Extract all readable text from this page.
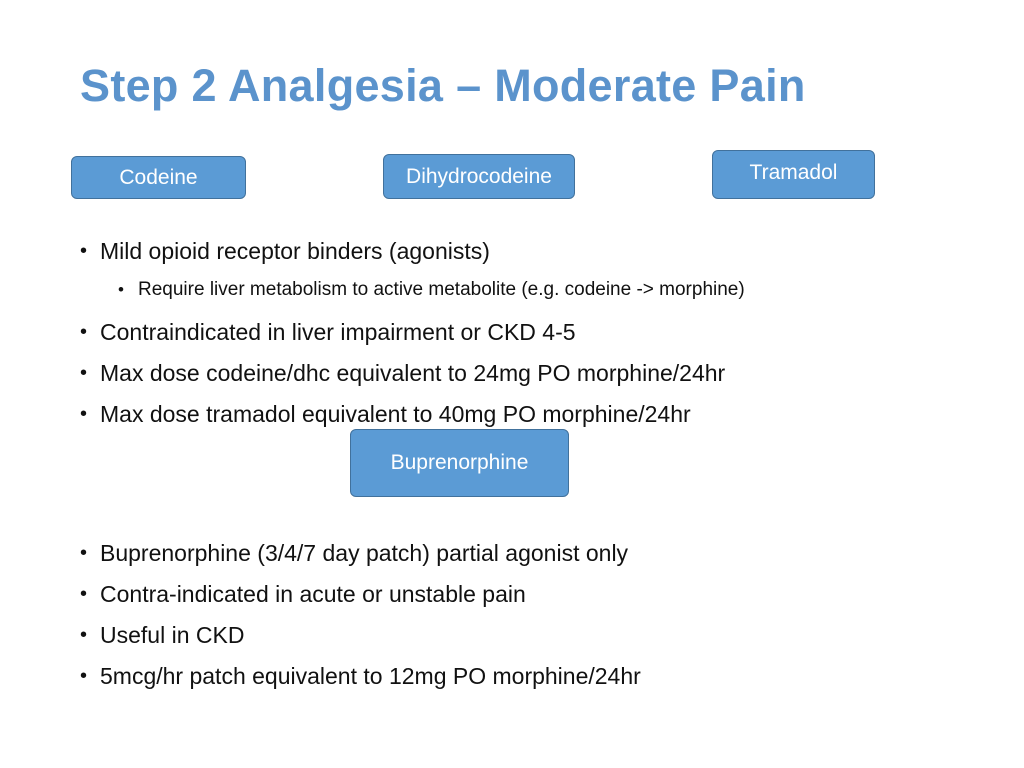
Step 2 Analgesia – Moderate Pain
Codeine	Dihydrocodeine	Tramadol
• Mild opioid receptor binders (agonists)
• Require liver metabolism to active metabolite (e.g. codeine -> morphine)
• Contraindicated in liver impairment or CKD 4-5
• Max dose codeine/dhc equivalent to 24mg PO morphine/24hr
• Max dose tramadol equivalent to 40mg PO morphine/24hr
Buprenorphine
• Buprenorphine (3/4/7 day patch) partial agonist only
• Contra-indicated in acute or unstable pain
• Useful in CKD
• 5mcg/hr patch equivalent to 12mg PO morphine/24hr
